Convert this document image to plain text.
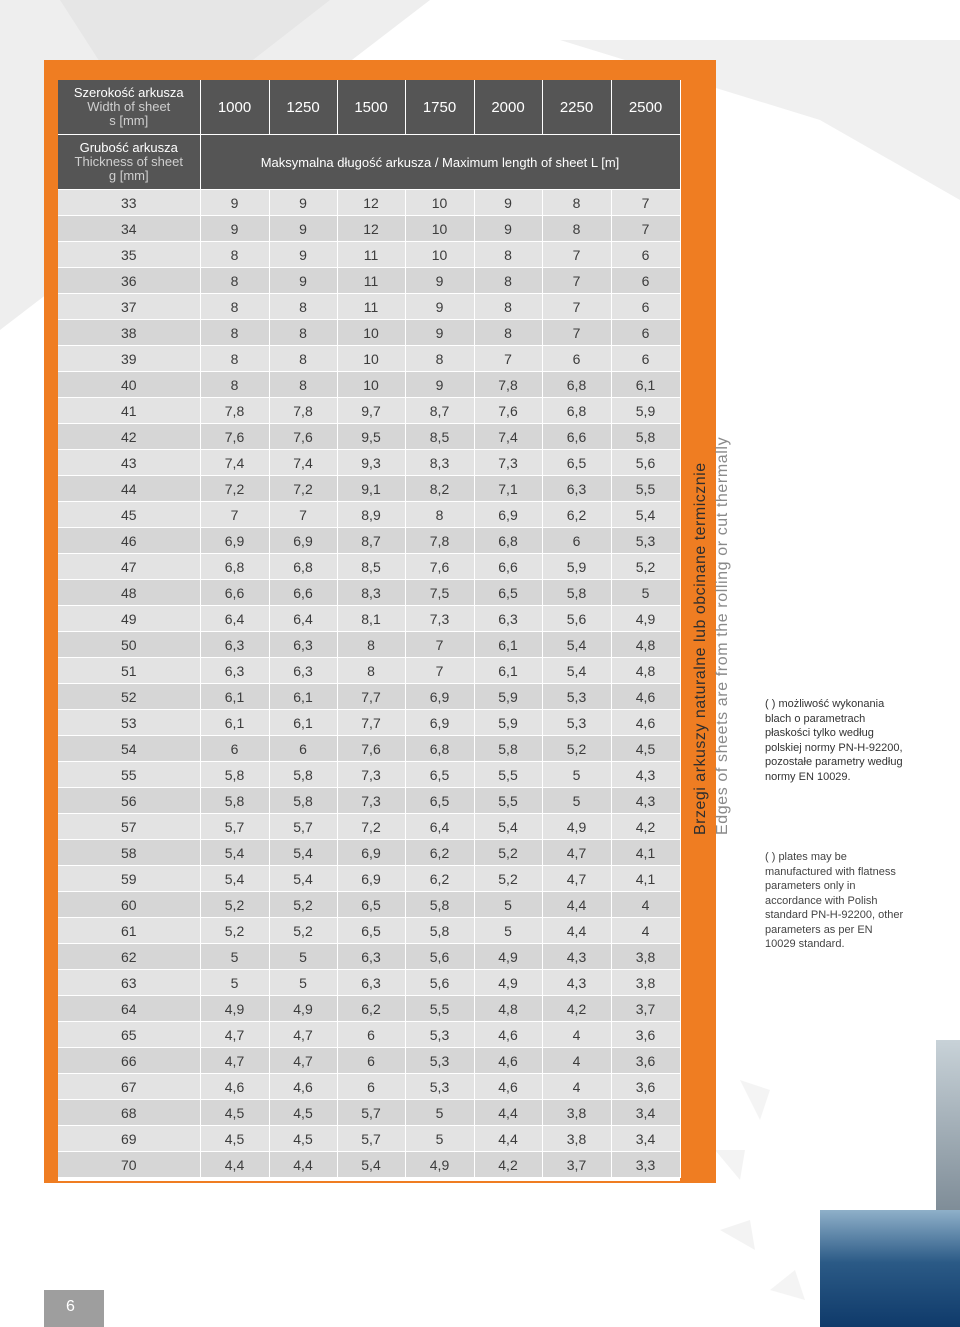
Szerokość arkusza
Width of sheet
s [mm]	1000	1250	1500	1750	2000	2250	2500

Grubość arkusza
Thickness of sheet
g [mm]	Maksymalna długość arkusza / Maximum length of sheet L [m]						
33	9	9	12	10	9	8	7
34	9	9	12	10	9	8	7
35	8	9	11	10	8	7	6
36	8	9	11	9	8	7	6
37	8	8	11	9	8	7	6
38	8	8	10	9	8	7	6
39	8	8	10	8	7	6	6
40	8	8	10	9	7,8	6,8	6,1
41	7,8	7,8	9,7	8,7	7,6	6,8	5,9
42	7,6	7,6	9,5	8,5	7,4	6,6	5,8
43	7,4	7,4	9,3	8,3	7,3	6,5	5,6
44	7,2	7,2	9,1	8,2	7,1	6,3	5,5
45	7	7	8,9	8	6,9	6,2	5,4
46	6,9	6,9	8,7	7,8	6,8	6	5,3
47	6,8	6,8	8,5	7,6	6,6	5,9	5,2
48	6,6	6,6	8,3	7,5	6,5	5,8	5
49	6,4	6,4	8,1	7,3	6,3	5,6	4,9
50	6,3	6,3	8	7	6,1	5,4	4,8
51	6,3	6,3	8	7	6,1	5,4	4,8
52	6,1	6,1	7,7	6,9	5,9	5,3	4,6
53	6,1	6,1	7,7	6,9	5,9	5,3	4,6
54	6	6	7,6	6,8	5,8	5,2	4,5
55	5,8	5,8	7,3	6,5	5,5	5	4,3
56	5,8	5,8	7,3	6,5	5,5	5	4,3
57	5,7	5,7	7,2	6,4	5,4	4,9	4,2
58	5,4	5,4	6,9	6,2	5,2	4,7	4,1
59	5,4	5,4	6,9	6,2	5,2	4,7	4,1
60	5,2	5,2	6,5	5,8	5	4,4	4
61	5,2	5,2	6,5	5,8	5	4,4	4
62	5	5	6,3	5,6	4,9	4,3	3,8
63	5	5	6,3	5,6	4,9	4,3	3,8
64	4,9	4,9	6,2	5,5	4,8	4,2	3,7
65	4,7	4,7	6	5,3	4,6	4	3,6
66	4,7	4,7	6	5,3	4,6	4	3,6
67	4,6	4,6	6	5,3	4,6	4	3,6
68	4,5	4,5	5,7	5	4,4	3,8	3,4
69	4,5	4,5	5,7	5	4,4	3,8	3,4
70	4,4	4,4	5,4	4,9	4,2	3,7	3,3
Brzegi arkuszy naturalne lub obcinane termicznie Edges of sheets are from the rolling or cut thermally	( ) możliwość wykonania blach o parametrach płaskości tylko według polskiej normy PN-H-92200, pozostałe parametry według normy EN 10029.
( ) plates may be manufactured with flatness parameters only in accordance with Polish standard PN-H-92200, other parameters as per EN 10029 standard.
6
